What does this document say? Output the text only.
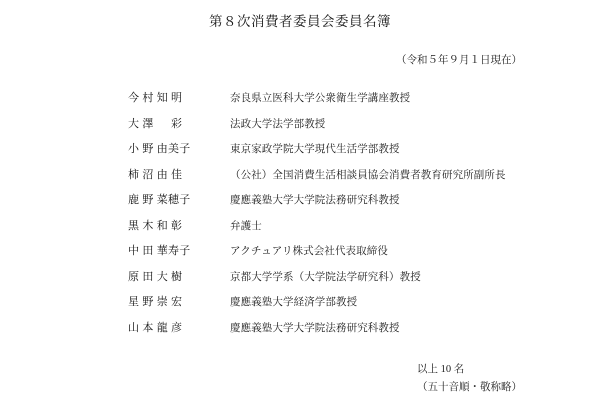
第８次消費者委員会委員名簿
（令和５年９月１日現在）
今 村 知 明	奈良県立医科大学公衆衛生学講座教授
大 澤 　 彩	法政大学法学部教授
小 野 由美子	東京家政学院大学現代生活学部教授
柿 沼 由 佳	（公社）全国消費生活相談員協会消費者教育研究所副所長
鹿 野 菜穂子	慶應義塾大学大学院法務研究科教授
黒 木 和 彰	弁護士
中 田 華寿子	アクチュアリ株式会社代表取締役
原 田 大 樹	京都大学学系（大学院法学研究科）教授
星 野 崇 宏	慶應義塾大学経済学部教授
山 本 龍 彦	慶應義塾大学大学院法務研究科教授
以上 10 名
（五十音順・敬称略）
